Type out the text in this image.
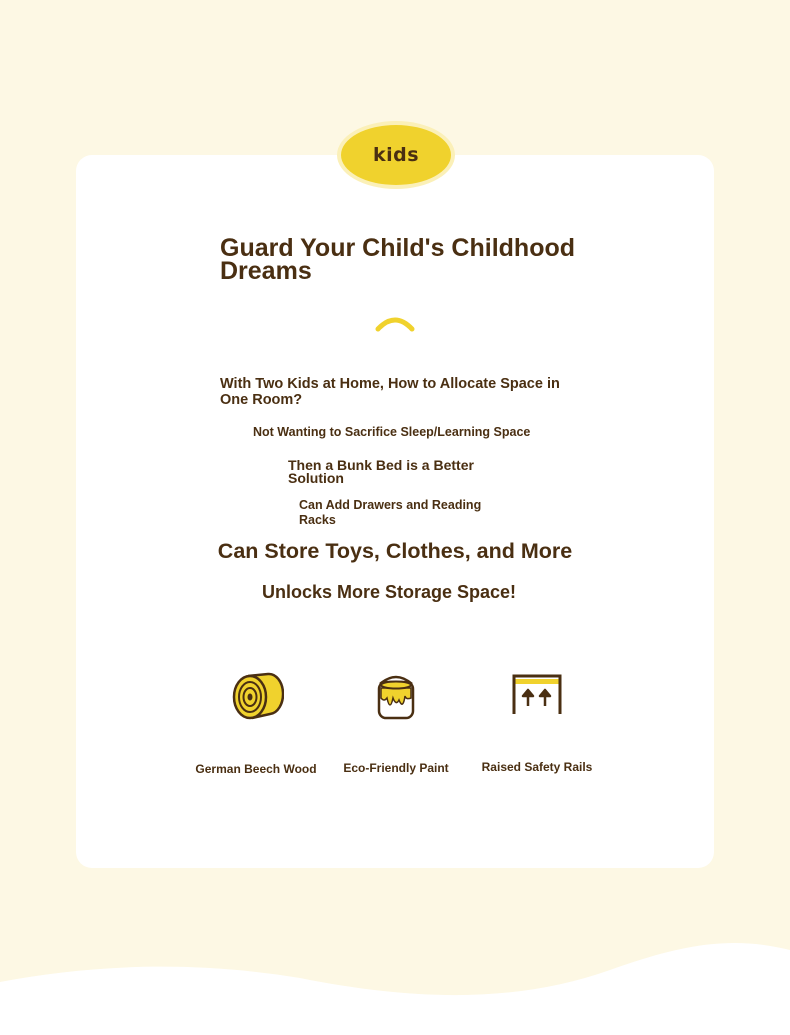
kids
Guard Your Child's Childhood Dreams

With Two Kids at Home, How to Allocate Space in One Room?

Not Wanting to Sacrifice Sleep/Learning Space

Then a Bunk Bed is a Better Solution

Can Add Drawers and Reading Racks

Can Store Toys, Clothes, and More

Unlocks More Storage Space!

German Beech Wood	Eco-Friendly Paint	Raised Safety Rails
